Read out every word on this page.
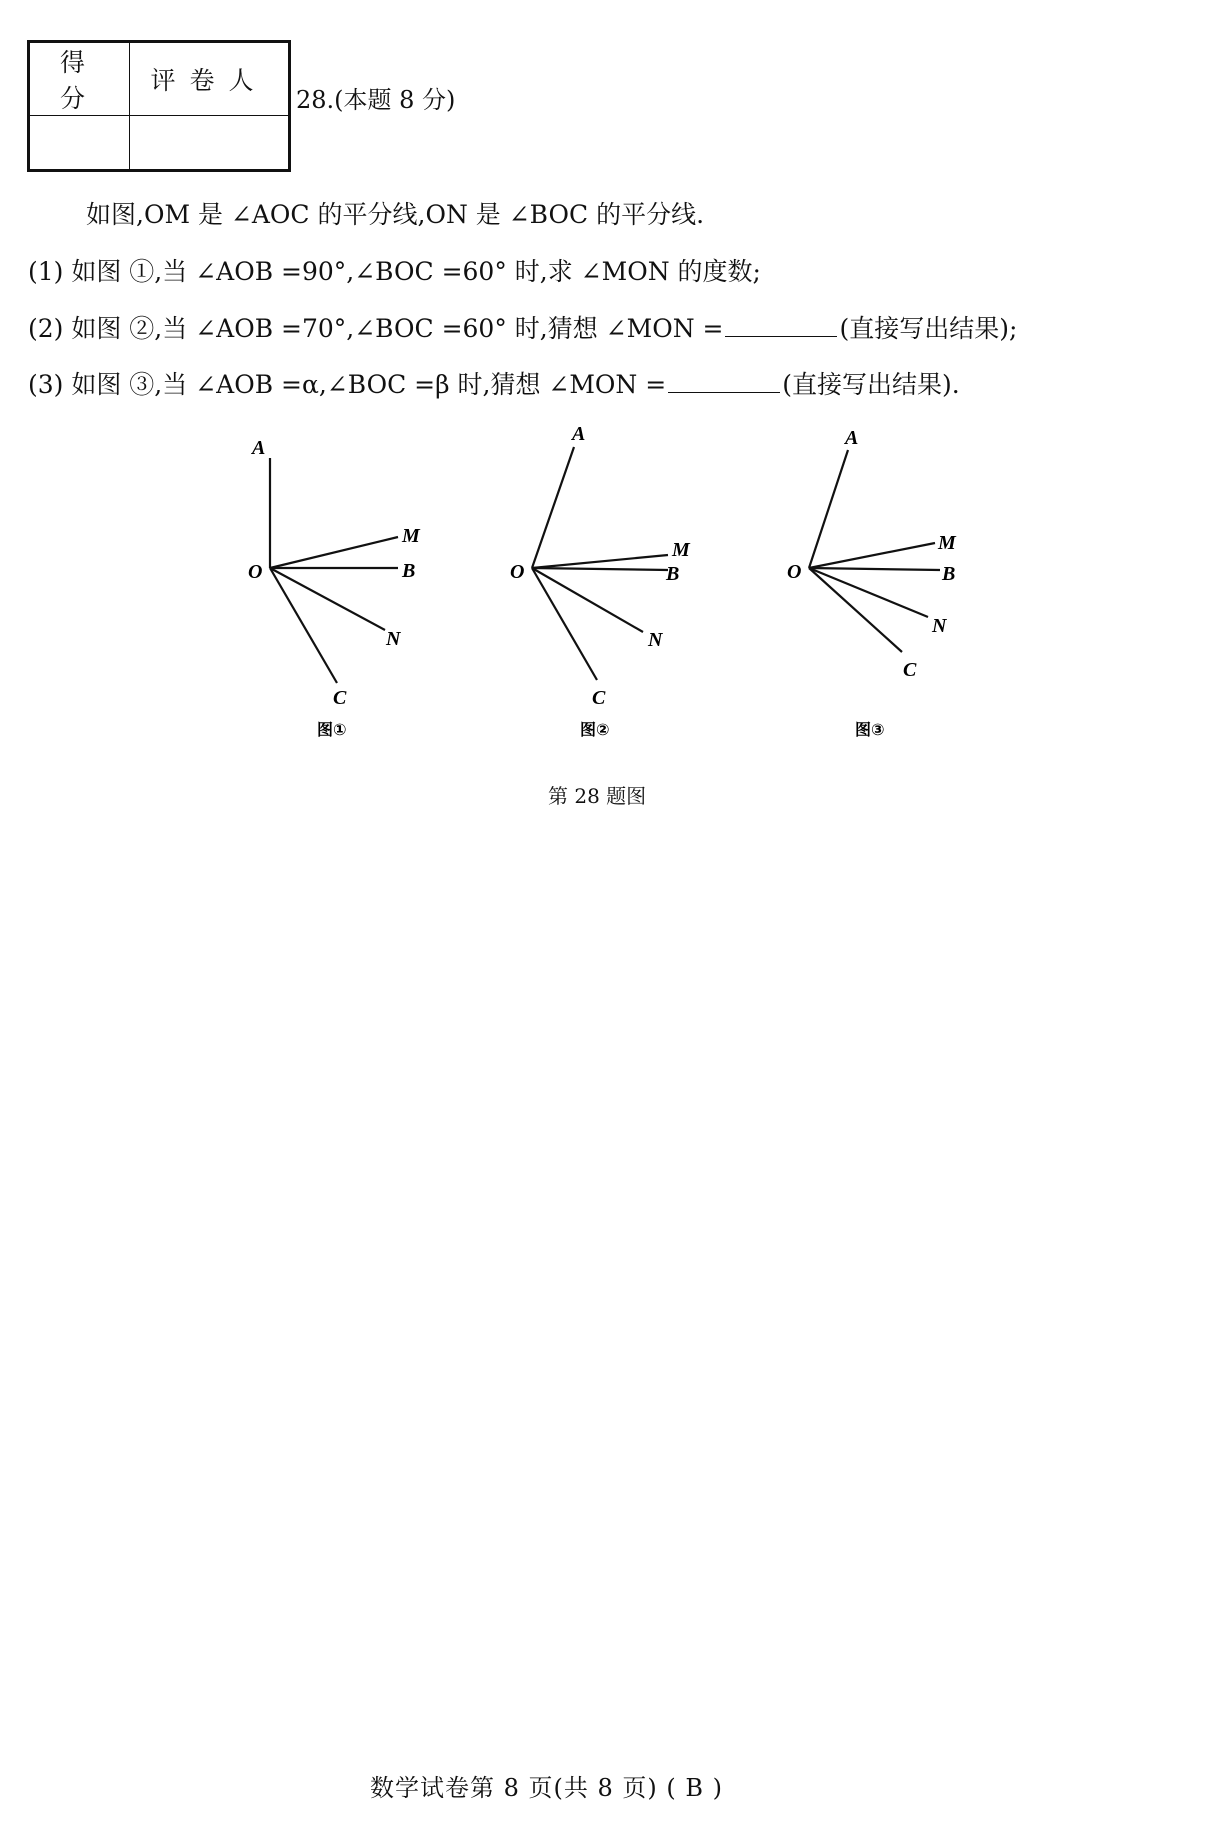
得 分	评卷人

28.(本题 8 分)
如图,OM 是 ∠AOC 的平分线,ON 是 ∠BOC 的平分线.
(1) 如图 ①,当 ∠AOB =90°,∠BOC =60° 时,求 ∠MON 的度数;
(2) 如图 ②,当 ∠AOB =70°,∠BOC =60° 时,猜想 ∠MON =	(直接写出结果);
(3) 如图 ③,当 ∠AOB =α,∠BOC =β 时,猜想 ∠MON =	(直接写出结果).
A
O
M
B
N
C
图①
A
O
M
B
N
C
图②
A
O
M
B
N
C
图③
第 28 题图
数学试卷第 8 页(共 8 页) ( B )
